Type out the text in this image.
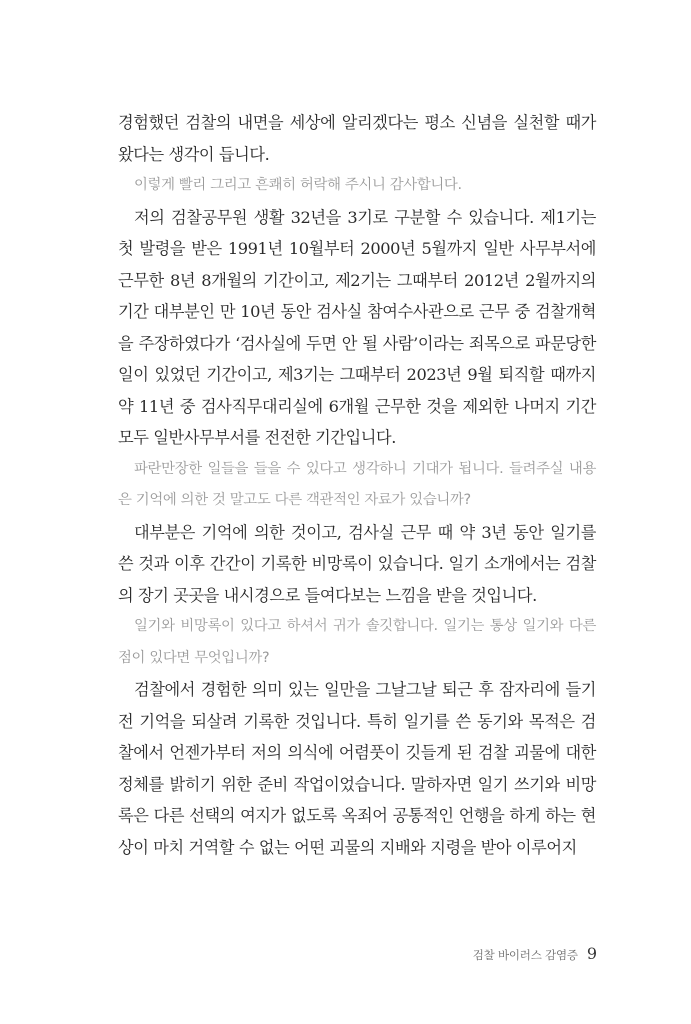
경험했던 검찰의 내면을 세상에 알리겠다는 평소 신념을 실천할 때가 왔다는 생각이 듭니다.

이렇게 빨리 그리고 흔쾌히 허락해 주시니 감사합니다.

저의 검찰공무원 생활 32년을 3기로 구분할 수 있습니다. 제1기는 첫 발령을 받은 1991년 10월부터 2000년 5월까지 일반 사무부서에 근무한 8년 8개월의 기간이고, 제2기는 그때부터 2012년 2월까지의 기간 대부분인 만 10년 동안 검사실 참여수사관으로 근무 중 검찰개혁을 주장하였다가 ‘검사실에 두면 안 될 사람’이라는 죄목으로 파문당한 일이 있었던 기간이고, 제3기는 그때부터 2023년 9월 퇴직할 때까지 약 11년 중 검사직무대리실에 6개월 근무한 것을 제외한 나머지 기간 모두 일반사무부서를 전전한 기간입니다.

파란만장한 일들을 들을 수 있다고 생각하니 기대가 됩니다. 들려주실 내용은 기억에 의한 것 말고도 다른 객관적인 자료가 있습니까?

대부분은 기억에 의한 것이고, 검사실 근무 때 약 3년 동안 일기를 쓴 것과 이후 간간이 기록한 비망록이 있습니다. 일기 소개에서는 검찰의 장기 곳곳을 내시경으로 들여다보는 느낌을 받을 것입니다.

일기와 비망록이 있다고 하셔서 귀가 솔깃합니다. 일기는 통상 일기와 다른 점이 있다면 무엇입니까?

검찰에서 경험한 의미 있는 일만을 그날그날 퇴근 후 잠자리에 들기 전 기억을 되살려 기록한 것입니다. 특히 일기를 쓴 동기와 목적은 검찰에서 언젠가부터 저의 의식에 어렴풋이 깃들게 된 검찰 괴물에 대한 정체를 밝히기 위한 준비 작업이었습니다. 말하자면 일기 쓰기와 비망록은 다른 선택의 여지가 없도록 옥죄어 공통적인 언행을 하게 하는 현상이 마치 거역할 수 없는 어떤 괴물의 지배와 지령을 받아 이루어지

검찰 바이러스 감염증 9
